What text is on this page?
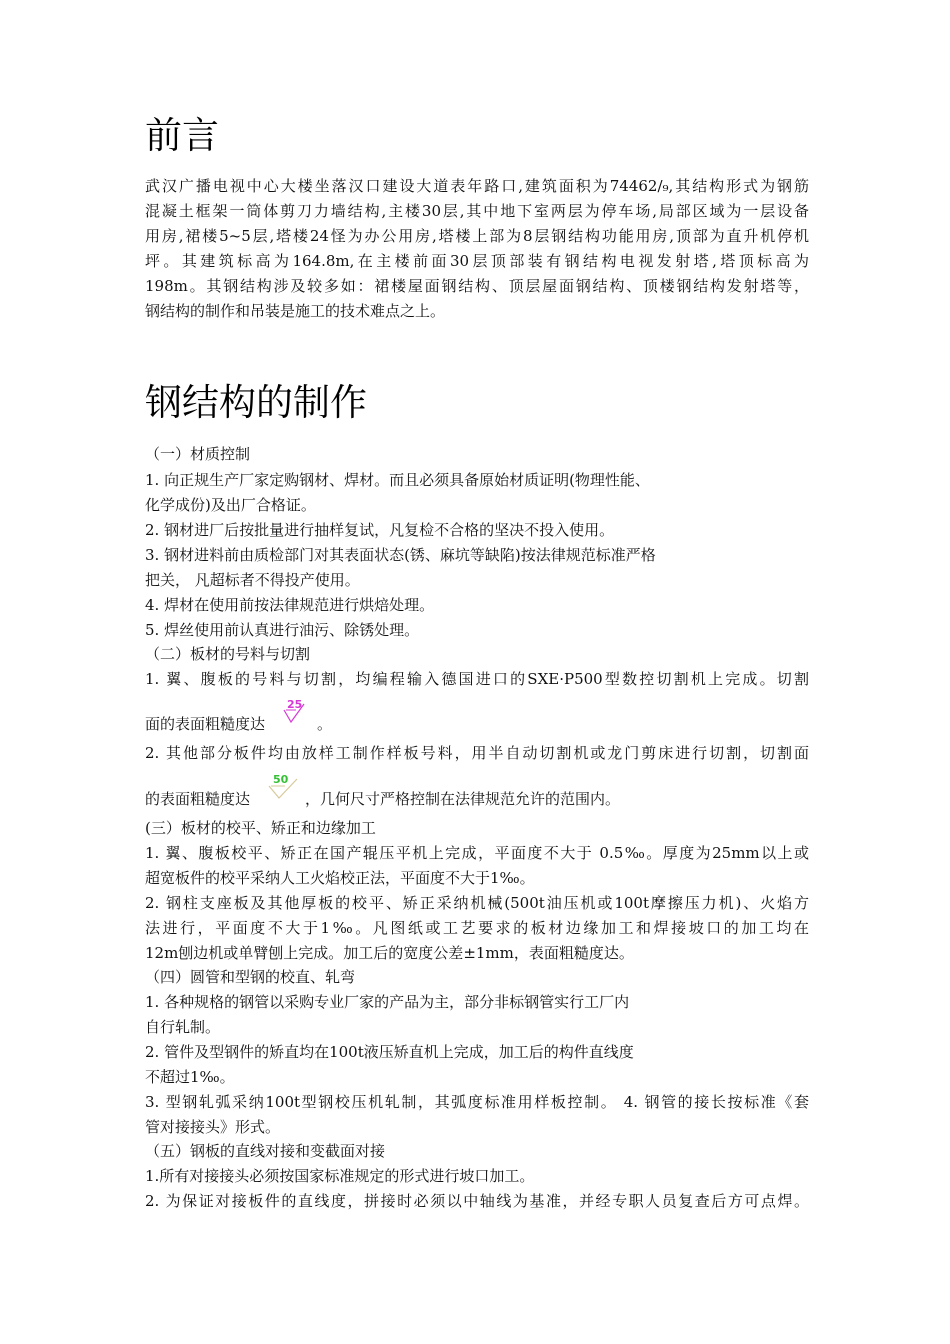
前言
武汉广播电视中心大楼坐落汉口建设大道表年路口,建筑面积为74462/₉,其结构形式为钢筋
混凝土框架一筒体剪刀力墙结构,主楼30层,其中地下室两层为停车场,局部区域为一层设备
用房,裙楼5~5层,塔楼24怪为办公用房,塔楼上部为8层钢结构功能用房,顶部为直升机停机
坪。其建筑标高为164.8m,在主楼前面30层顶部装有钢结构电视发射塔,塔顶标高为
198m。其钢结构涉及较多如：裙楼屋面钢结构、顶层屋面钢结构、顶楼钢结构发射塔等，
钢结构的制作和吊装是施工的技术难点之上。
钢结构的制作
（一）材质控制
1. 向正规生产厂家定购钢材、焊材。而且必须具备原始材质证明(物理性能、
化学成份)及出厂合格证。
2. 钢材进厂后按批量进行抽样复试，凡复检不合格的坚决不投入使用。
3. 钢材进料前由质检部门对其表面状态(锈、麻坑等缺陷)按法律规范标准严格
把关， 凡超标者不得投产使用。
4. 焊材在使用前按法律规范进行烘焙处理。
5. 焊丝使用前认真进行油污、除锈处理。
（二）板材的号料与切割
1. 翼、腹板的号料与切割，均编程输入德国进口的SXE·P500型数控切割机上完成。切割
面的表面粗糙度达
25
。
2. 其他部分板件均由放样工制作样板号料，用半自动切割机或龙门剪床进行切割，切割面
的表面粗糙度达
50
，几何尺寸严格控制在法律规范允许的范围内。
(三）板材的校平、矫正和边缘加工
1. 翼、腹板校平、矫正在国产辊压平机上完成，平面度不大于 0.5‰。厚度为25mm以上或
超宽板件的校平采纳人工火焰校正法，平面度不大于1‰。
2. 钢柱支座板及其他厚板的校平、矫正采纳机械(500t油压机或100t摩擦压力机)、火焰方
法进行，平面度不大于1‰。凡图纸或工艺要求的板材边缘加工和焊接坡口的加工均在
12m刨边机或单臂刨上完成。加工后的宽度公差±1mm，表面粗糙度达。
（四）圆管和型钢的校直、轧弯
1. 各种规格的钢管以采购专业厂家的产品为主，部分非标钢管实行工厂内
自行轧制。
2. 管件及型钢件的矫直均在100t液压矫直机上完成，加工后的构件直线度
不超过1‰。
3. 型钢轧弧采纳100t型钢校压机轧制，其弧度标准用样板控制。 4. 钢管的接长按标准《套
管对接接头》形式。
（五）钢板的直线对接和变截面对接
1.所有对接接头必须按国家标准规定的形式进行坡口加工。
2. 为保证对接板件的直线度，拼接时必须以中轴线为基准，并经专职人员复查后方可点焊。
